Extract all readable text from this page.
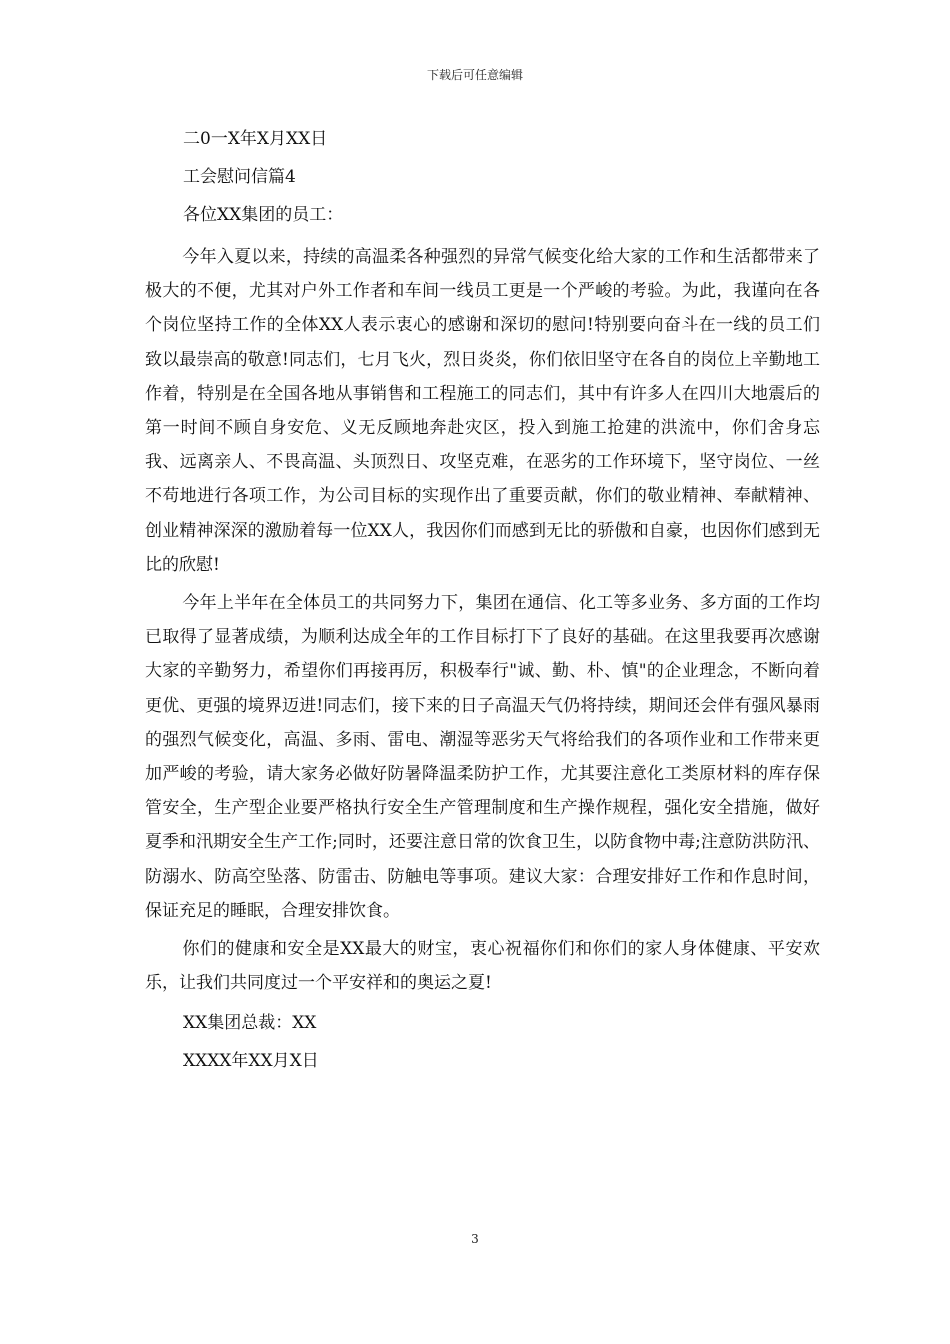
下载后可任意编辑
二0一X年X月XX日
工会慰问信篇4
各位XX集团的员工：

今年入夏以来，持续的高温柔各种强烈的异常气候变化给大家的工作和生活都带来了极大的不便，尤其对户外工作者和车间一线员工更是一个严峻的考验。为此，我谨向在各个岗位坚持工作的全体XX人表示衷心的感谢和深切的慰问!特别要向奋斗在一线的员工们致以最崇高的敬意!同志们，七月飞火，烈日炎炎，你们依旧坚守在各自的岗位上辛勤地工作着，特别是在全国各地从事销售和工程施工的同志们，其中有许多人在四川大地震后的第一时间不顾自身安危、义无反顾地奔赴灾区，投入到施工抢建的洪流中，你们舍身忘我、远离亲人、不畏高温、头顶烈日、攻坚克难，在恶劣的工作环境下，坚守岗位、一丝不苟地进行各项工作，为公司目标的实现作出了重要贡献，你们的敬业精神、奉献精神、创业精神深深的激励着每一位XX人，我因你们而感到无比的骄傲和自豪，也因你们感到无比的欣慰!

今年上半年在全体员工的共同努力下，集团在通信、化工等多业务、多方面的工作均已取得了显著成绩，为顺利达成全年的工作目标打下了良好的基础。在这里我要再次感谢大家的辛勤努力，希望你们再接再厉，积极奉行"诚、勤、朴、慎"的企业理念，不断向着更优、更强的境界迈进!同志们，接下来的日子高温天气仍将持续，期间还会伴有强风暴雨的强烈气候变化，高温、多雨、雷电、潮湿等恶劣天气将给我们的各项作业和工作带来更加严峻的考验，请大家务必做好防暑降温柔防护工作，尤其要注意化工类原材料的库存保管安全，生产型企业要严格执行安全生产管理制度和生产操作规程，强化安全措施，做好夏季和汛期安全生产工作;同时，还要注意日常的饮食卫生，以防食物中毒;注意防洪防汛、防溺水、防高空坠落、防雷击、防触电等事项。建议大家：合理安排好工作和作息时间，保证充足的睡眠，合理安排饮食。

你们的健康和安全是XX最大的财宝，衷心祝福你们和你们的家人身体健康、平安欢乐，让我们共同度过一个平安祥和的奥运之夏!

XX集团总裁：XX
XXXX年XX月X日
3
